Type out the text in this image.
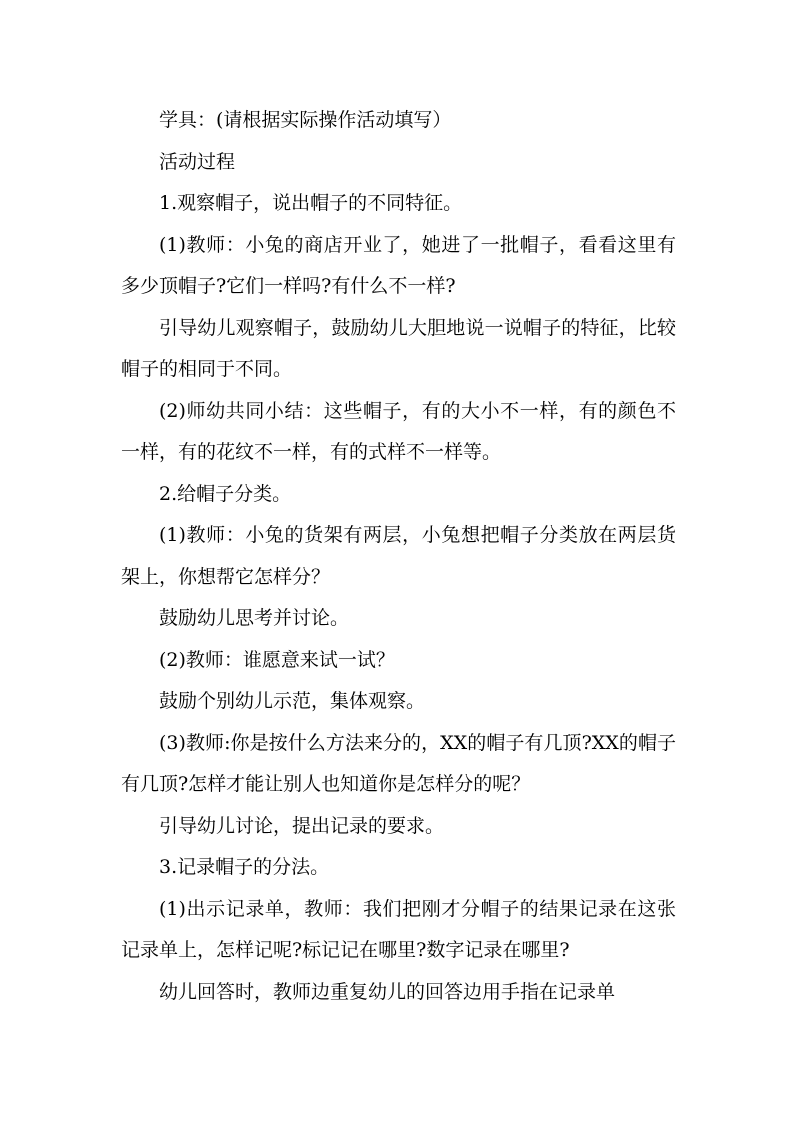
学具：(请根据实际操作活动填写）

活动过程

1.观察帽子，说出帽子的不同特征。

(1)教师：小兔的商店开业了，她进了一批帽子，看看这里有多少顶帽子?它们一样吗?有什么不一样?

引导幼儿观察帽子，鼓励幼儿大胆地说一说帽子的特征，比较帽子的相同于不同。

(2)师幼共同小结：这些帽子，有的大小不一样，有的颜色不一样，有的花纹不一样，有的式样不一样等。

2.给帽子分类。

(1)教师：小兔的货架有两层，小兔想把帽子分类放在两层货架上，你想帮它怎样分？

鼓励幼儿思考并讨论。

(2)教师：谁愿意来试一试？

鼓励个别幼儿示范，集体观察。

(3)教师:你是按什么方法来分的，XX的帽子有几顶?XX的帽子有几顶?怎样才能让别人也知道你是怎样分的呢？

引导幼儿讨论，提出记录的要求。

3.记录帽子的分法。

(1)出示记录单，教师：我们把刚才分帽子的结果记录在这张记录单上，怎样记呢?标记记在哪里?数字记录在哪里?

幼儿回答时，教师边重复幼儿的回答边用手指在记录单
